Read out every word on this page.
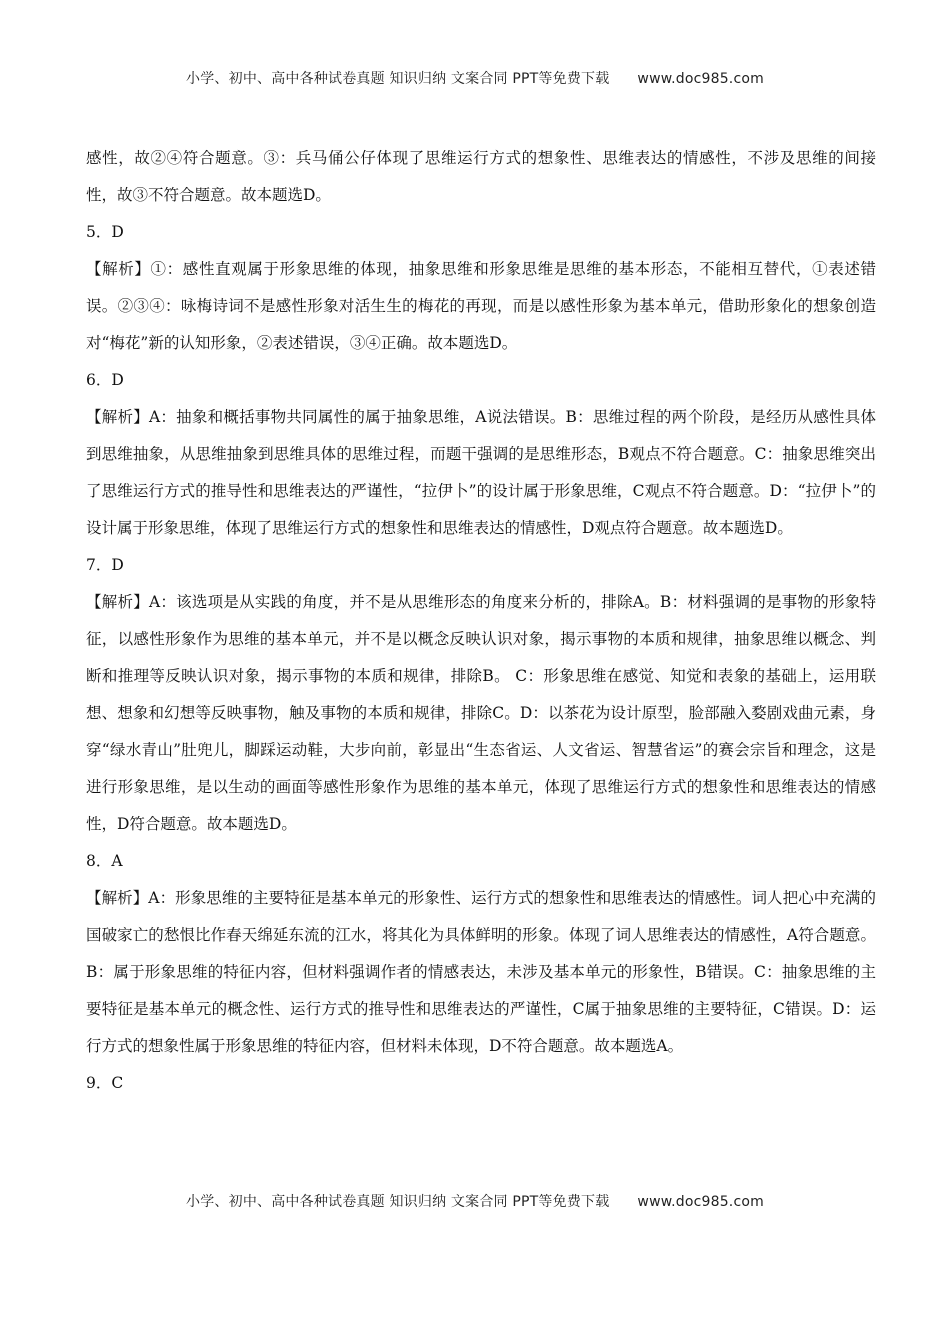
小学、初中、高中各种试卷真题 知识归纳 文案合同 PPT等免费下载 www.doc985.com

感性，故②④符合题意。③：兵马俑公仔体现了思维运行方式的想象性、思维表达的情感性，不涉及思维的间接性，故③不符合题意。故本题选D。

5．D

【解析】①：感性直观属于形象思维的体现，抽象思维和形象思维是思维的基本形态，不能相互替代，①表述错误。②③④：咏梅诗词不是感性形象对活生生的梅花的再现，而是以感性形象为基本单元，借助形象化的想象创造对“梅花”新的认知形象，②表述错误，③④正确。故本题选D。

6．D

【解析】A：抽象和概括事物共同属性的属于抽象思维，A说法错误。B：思维过程的两个阶段，是经历从感性具体到思维抽象，从思维抽象到思维具体的思维过程，而题干强调的是思维形态，B观点不符合题意。C：抽象思维突出了思维运行方式的推导性和思维表达的严谨性，“拉伊卜”的设计属于形象思维，C观点不符合题意。D：“拉伊卜”的设计属于形象思维，体现了思维运行方式的想象性和思维表达的情感性，D观点符合题意。故本题选D。

7．D

【解析】A：该选项是从实践的角度，并不是从思维形态的角度来分析的，排除A。B：材料强调的是事物的形象特征，以感性形象作为思维的基本单元，并不是以概念反映认识对象，揭示事物的本质和规律，抽象思维以概念、判断和推理等反映认识对象，揭示事物的本质和规律，排除B。 C：形象思维在感觉、知觉和表象的基础上，运用联想、想象和幻想等反映事物，触及事物的本质和规律，排除C。D：以茶花为设计原型，脸部融入婺剧戏曲元素，身穿“绿水青山”肚兜儿，脚踩运动鞋，大步向前，彰显出“生态省运、人文省运、智慧省运”的赛会宗旨和理念，这是进行形象思维，是以生动的画面等感性形象作为思维的基本单元，体现了思维运行方式的想象性和思维表达的情感性，D符合题意。故本题选D。

8．A

【解析】A：形象思维的主要特征是基本单元的形象性、运行方式的想象性和思维表达的情感性。词人把心中充满的国破家亡的愁恨比作春天绵延东流的江水，将其化为具体鲜明的形象。体现了词人思维表达的情感性，A符合题意。B：属于形象思维的特征内容，但材料强调作者的情感表达，未涉及基本单元的形象性，B错误。C：抽象思维的主要特征是基本单元的概念性、运行方式的推导性和思维表达的严谨性，C属于抽象思维的主要特征，C错误。D：运行方式的想象性属于形象思维的特征内容，但材料未体现，D不符合题意。故本题选A。

9．C

小学、初中、高中各种试卷真题 知识归纳 文案合同 PPT等免费下载 www.doc985.com
